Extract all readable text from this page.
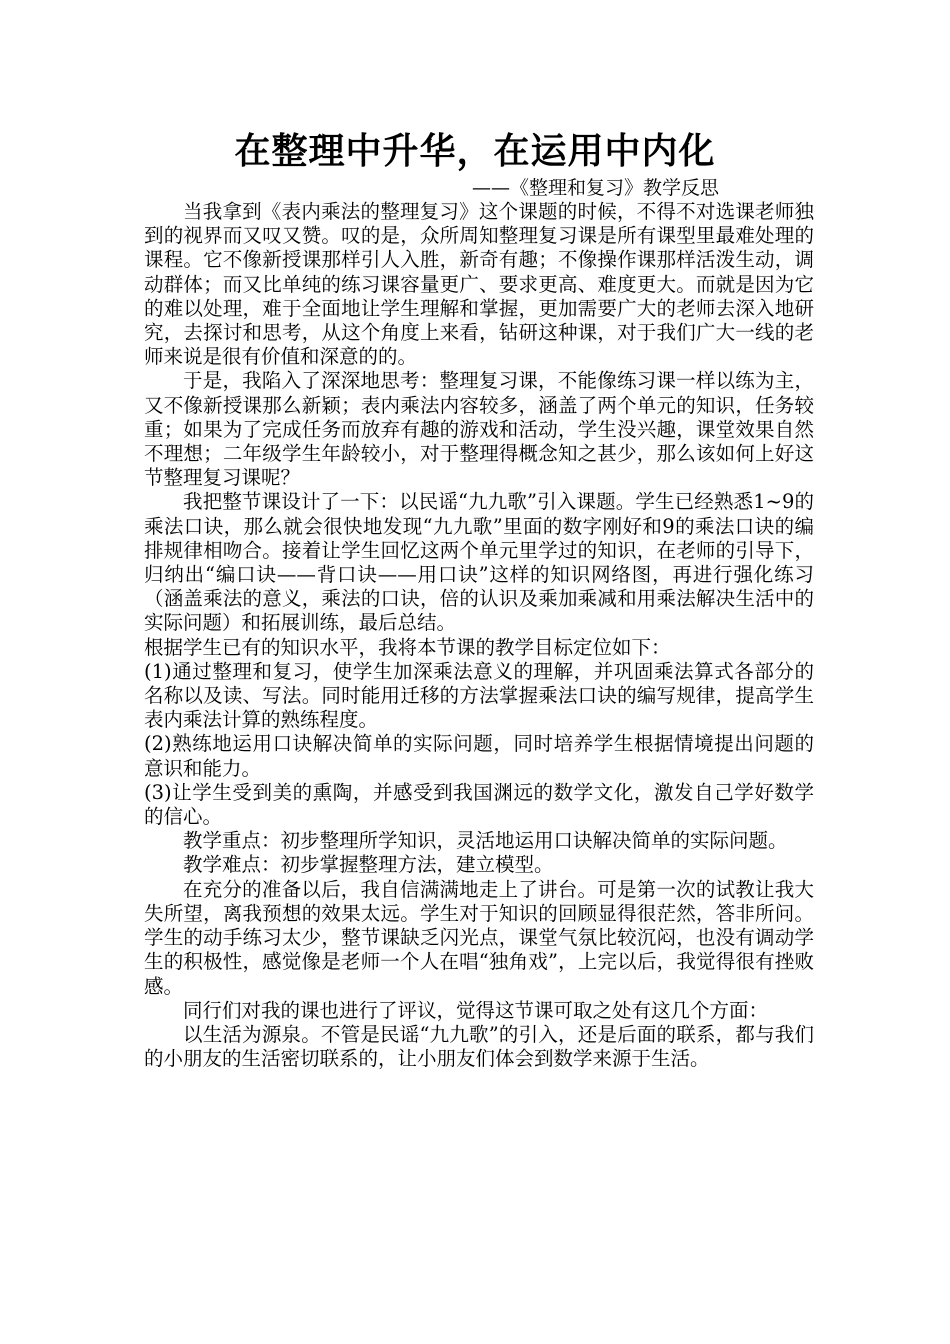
在整理中升华，在运用中内化
——《整理和复习》教学反思

当我拿到《表内乘法的整理复习》这个课题的时候，不得不对选课老师独到的视界而又叹又赞。叹的是，众所周知整理复习课是所有课型里最难处理的课程。它不像新授课那样引人入胜，新奇有趣；不像操作课那样活泼生动，调动群体；而又比单纯的练习课容量更广、要求更高、难度更大。而就是因为它的难以处理，难于全面地让学生理解和掌握，更加需要广大的老师去深入地研究，去探讨和思考，从这个角度上来看，钻研这种课，对于我们广大一线的老师来说是很有价值和深意的的。

于是，我陷入了深深地思考：整理复习课，不能像练习课一样以练为主，又不像新授课那么新颖；表内乘法内容较多，涵盖了两个单元的知识，任务较重；如果为了完成任务而放弃有趣的游戏和活动，学生没兴趣，课堂效果自然不理想；二年级学生年龄较小，对于整理得概念知之甚少，那么该如何上好这节整理复习课呢？

我把整节课设计了一下：以民谣“九九歌”引入课题。学生已经熟悉1~9的乘法口诀，那么就会很快地发现“九九歌”里面的数字刚好和9的乘法口诀的编排规律相吻合。接着让学生回忆这两个单元里学过的知识，在老师的引导下，归纳出“编口诀——背口诀——用口诀”这样的知识网络图，再进行强化练习（涵盖乘法的意义，乘法的口诀，倍的认识及乘加乘减和用乘法解决生活中的实际问题）和拓展训练，最后总结。

根据学生已有的知识水平，我将本节课的教学目标定位如下：

(1)通过整理和复习，使学生加深乘法意义的理解，并巩固乘法算式各部分的名称以及读、写法。同时能用迁移的方法掌握乘法口诀的编写规律，提高学生表内乘法计算的熟练程度。

(2)熟练地运用口诀解决简单的实际问题，同时培养学生根据情境提出问题的意识和能力。

(3)让学生受到美的熏陶，并感受到我国渊远的数学文化，激发自己学好数学的信心。

教学重点：初步整理所学知识，灵活地运用口诀解决简单的实际问题。

教学难点：初步掌握整理方法，建立模型。

在充分的准备以后，我自信满满地走上了讲台。可是第一次的试教让我大失所望，离我预想的效果太远。学生对于知识的回顾显得很茫然，答非所问。学生的动手练习太少，整节课缺乏闪光点，课堂气氛比较沉闷，也没有调动学生的积极性，感觉像是老师一个人在唱“独角戏”，上完以后，我觉得很有挫败感。

同行们对我的课也进行了评议，觉得这节课可取之处有这几个方面：

以生活为源泉。不管是民谣“九九歌”的引入，还是后面的联系，都与我们的小朋友的生活密切联系的，让小朋友们体会到数学来源于生活。
